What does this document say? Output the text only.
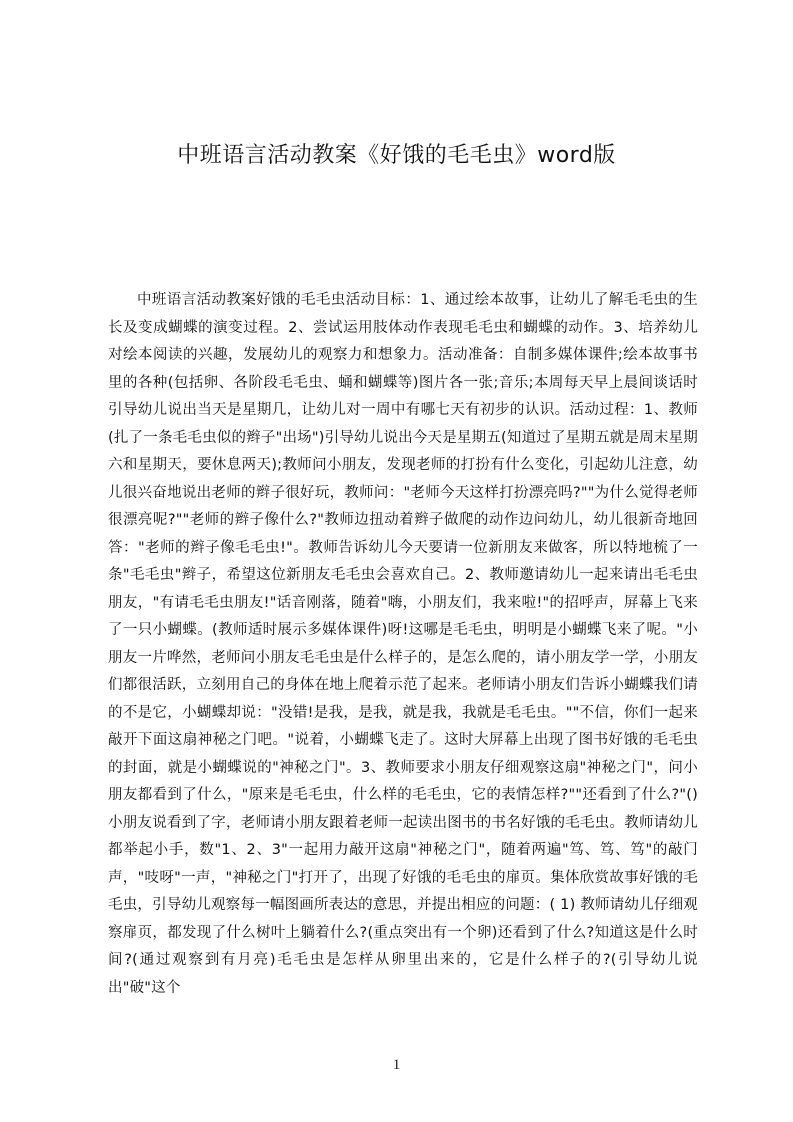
中班语言活动教案《好饿的毛毛虫》word版

中班语言活动教案好饿的毛毛虫活动目标：1、通过绘本故事，让幼儿了解毛毛虫的生长及变成蝴蝶的演变过程。2、尝试运用肢体动作表现毛毛虫和蝴蝶的动作。3、培养幼儿对绘本阅读的兴趣，发展幼儿的观察力和想象力。活动准备：自制多媒体课件;绘本故事书里的各种(包括卵、各阶段毛毛虫、蛹和蝴蝶等)图片各一张;音乐;本周每天早上晨间谈话时引导幼儿说出当天是星期几，让幼儿对一周中有哪七天有初步的认识。活动过程：1、教师(扎了一条毛毛虫似的辫子"出场")引导幼儿说出今天是星期五(知道过了星期五就是周末星期六和星期天，要休息两天);教师问小朋友，发现老师的打扮有什么变化，引起幼儿注意，幼儿很兴奋地说出老师的辫子很好玩，教师问："老师今天这样打扮漂亮吗?""为什么觉得老师很漂亮呢?""老师的辫子像什么?"教师边扭动着辫子做爬的动作边问幼儿，幼儿很新奇地回答："老师的辫子像毛毛虫!"。教师告诉幼儿今天要请一位新朋友来做客，所以特地梳了一条"毛毛虫"辫子，希望这位新朋友毛毛虫会喜欢自己。2、教师邀请幼儿一起来请出毛毛虫朋友，"有请毛毛虫朋友!"话音刚落，随着"嗨，小朋友们，我来啦!"的招呼声，屏幕上飞来了一只小蝴蝶。(教师适时展示多媒体课件)呀!这哪是毛毛虫，明明是小蝴蝶飞来了呢。"小朋友一片哗然，老师问小朋友毛毛虫是什么样子的，是怎么爬的，请小朋友学一学，小朋友们都很活跃，立刻用自己的身体在地上爬着示范了起来。老师请小朋友们告诉小蝴蝶我们请的不是它，小蝴蝶却说："没错!是我，是我，就是我，我就是毛毛虫。""不信，你们一起来敲开下面这扇神秘之门吧。"说着，小蝴蝶飞走了。这时大屏幕上出现了图书好饿的毛毛虫的封面，就是小蝴蝶说的"神秘之门"。3、教师要求小朋友仔细观察这扇"神秘之门"，问小朋友都看到了什么，"原来是毛毛虫，什么样的毛毛虫，它的表情怎样?""还看到了什么?"()小朋友说看到了字，老师请小朋友跟着老师一起读出图书的书名好饿的毛毛虫。教师请幼儿都举起小手，数"1、2、3"一起用力敲开这扇"神秘之门"，随着两遍"笃、笃、笃"的敲门声，"吱呀"一声，"神秘之门"打开了，出现了好饿的毛毛虫的扉页。集体欣赏故事好饿的毛毛虫，引导幼儿观察每一幅图画所表达的意思，并提出相应的问题：( 1) 教师请幼儿仔细观察扉页，都发现了什么树叶上躺着什么?(重点突出有一个卵)还看到了什么?知道这是什么时间?(通过观察到有月亮)毛毛虫是怎样从卵里出来的，它是什么样子的?(引导幼儿说出"破"这个

1
